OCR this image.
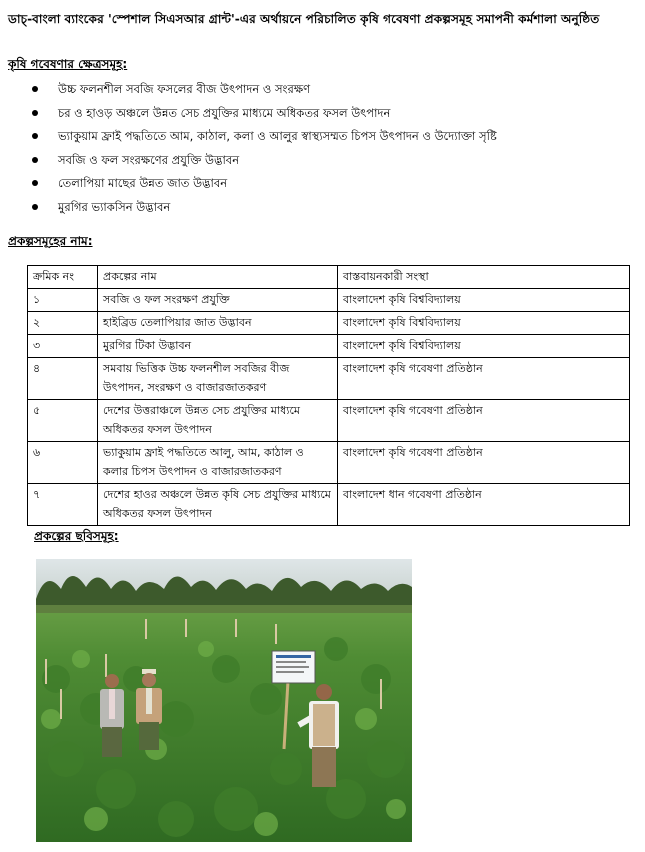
ডাচ্-বাংলা ব্যাংকের 'স্পেশাল সিএসআর গ্রান্ট'-এর অর্থায়নে পরিচালিত কৃষি গবেষণা প্রকল্পসমূহ সমাপনী কর্মশালা অনুষ্ঠিত
কৃষি গবেষণার ক্ষেত্রসমূহ:
উচ্চ ফলনশীল সবজি ফসলের বীজ উৎপাদন ও সংরক্ষণ
চর ও হাওড় অঞ্চলে উন্নত সেচ প্রযুক্তির মাধ্যমে অধিকতর ফসল উৎপাদন
ভ্যাকুয়াম ফ্রাই পদ্ধতিতে আম, কাঠাল, কলা ও আলুর স্বাস্থ্যসম্মত চিপস উৎপাদন ও উদ্যোক্তা সৃষ্টি
সবজি ও ফল সংরক্ষণের প্রযুক্তি উদ্ভাবন
তেলাপিয়া মাছের উন্নত জাত উদ্ভাবন
মুরগির ভ্যাকসিন উদ্ভাবন
প্রকল্পসমূহের নাম:
ক্রমিক নং	প্রকল্পের নাম	বাস্তবায়নকারী সংস্থা
১	সবজি ও ফল সংরক্ষণ প্রযুক্তি	বাংলাদেশ কৃষি বিশ্ববিদ্যালয়
২	হাইব্রিড তেলাপিয়ার জাত উদ্ভাবন	বাংলাদেশ কৃষি বিশ্ববিদ্যালয়
৩	মুরগির টিকা উদ্ভাবন	বাংলাদেশ কৃষি বিশ্ববিদ্যালয়
৪	সমবায় ভিত্তিক উচ্চ ফলনশীল সবজির বীজ উৎপাদন, সংরক্ষণ ও বাজারজাতকরণ	বাংলাদেশ কৃষি গবেষণা প্রতিষ্ঠান
৫	দেশের উত্তরাঞ্চলে উন্নত সেচ প্রযুক্তির মাধ্যমে অধিকতর ফসল উৎপাদন	বাংলাদেশ কৃষি গবেষণা প্রতিষ্ঠান
৬	ভ্যাকুয়াম ফ্রাই পদ্ধতিতে আলু, আম, কাঠাল ও কলার চিপস উৎপাদন ও বাজারজাতকরণ	বাংলাদেশ কৃষি গবেষণা প্রতিষ্ঠান
৭	দেশের হাওর অঞ্চলে উন্নত কৃষি সেচ প্রযুক্তির মাধ্যমে অধিকতর ফসল উৎপাদন	বাংলাদেশ ধান গবেষণা প্রতিষ্ঠান
প্রকল্পের ছবিসমূহ:
